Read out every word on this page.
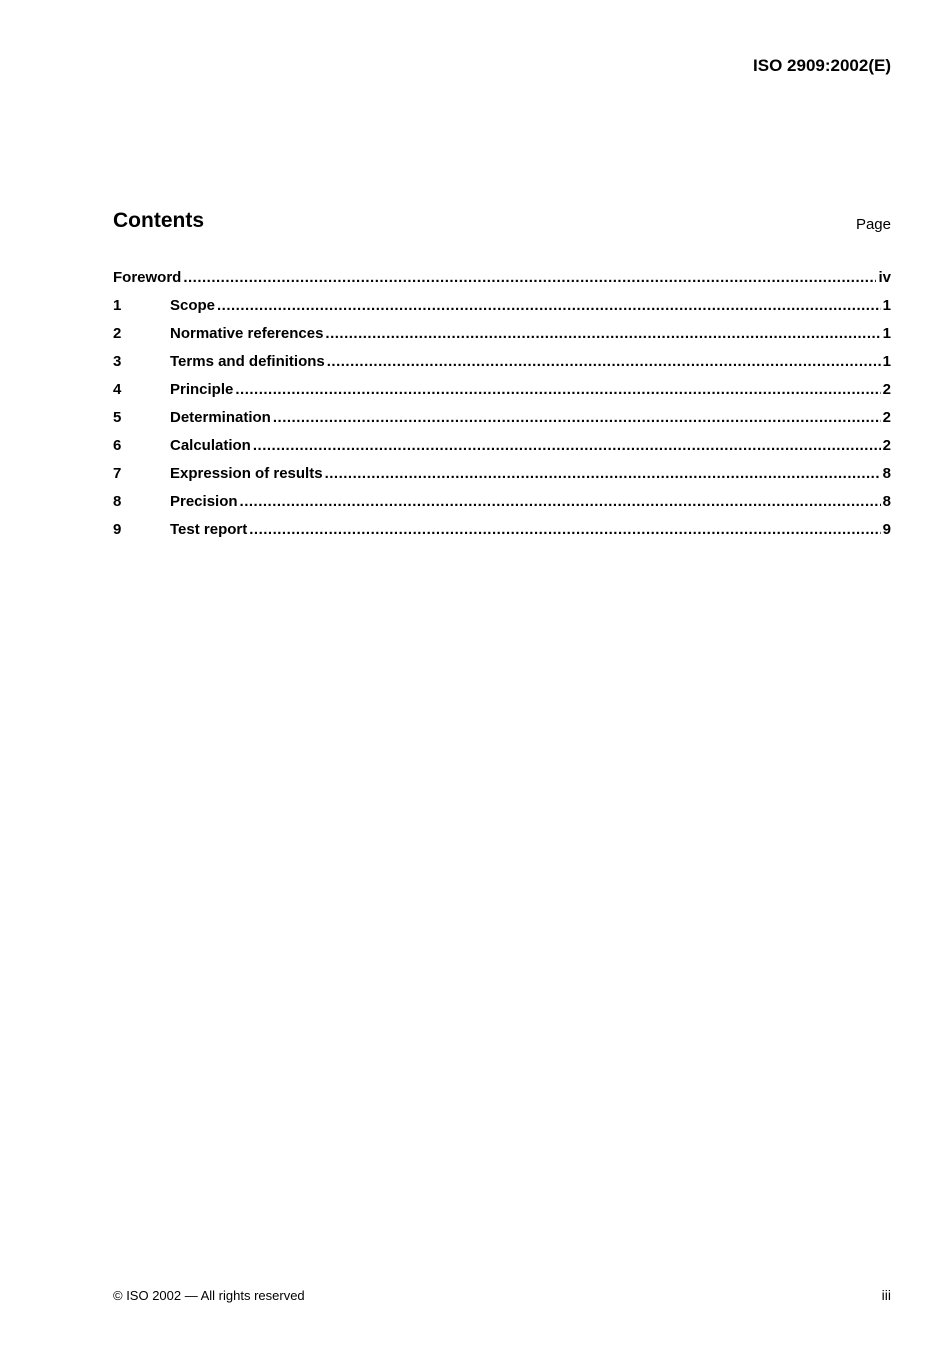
ISO 2909:2002(E)
Contents	Page
Foreword .....	iv
1	Scope .....	1
2	Normative references .....	1
3	Terms and definitions .....	1
4	Principle .....	2
5	Determination .....	2
6	Calculation .....	2
7	Expression of results .....	8
8	Precision .....	8
9	Test report .....	9
© ISO 2002 — All rights reserved	iii
